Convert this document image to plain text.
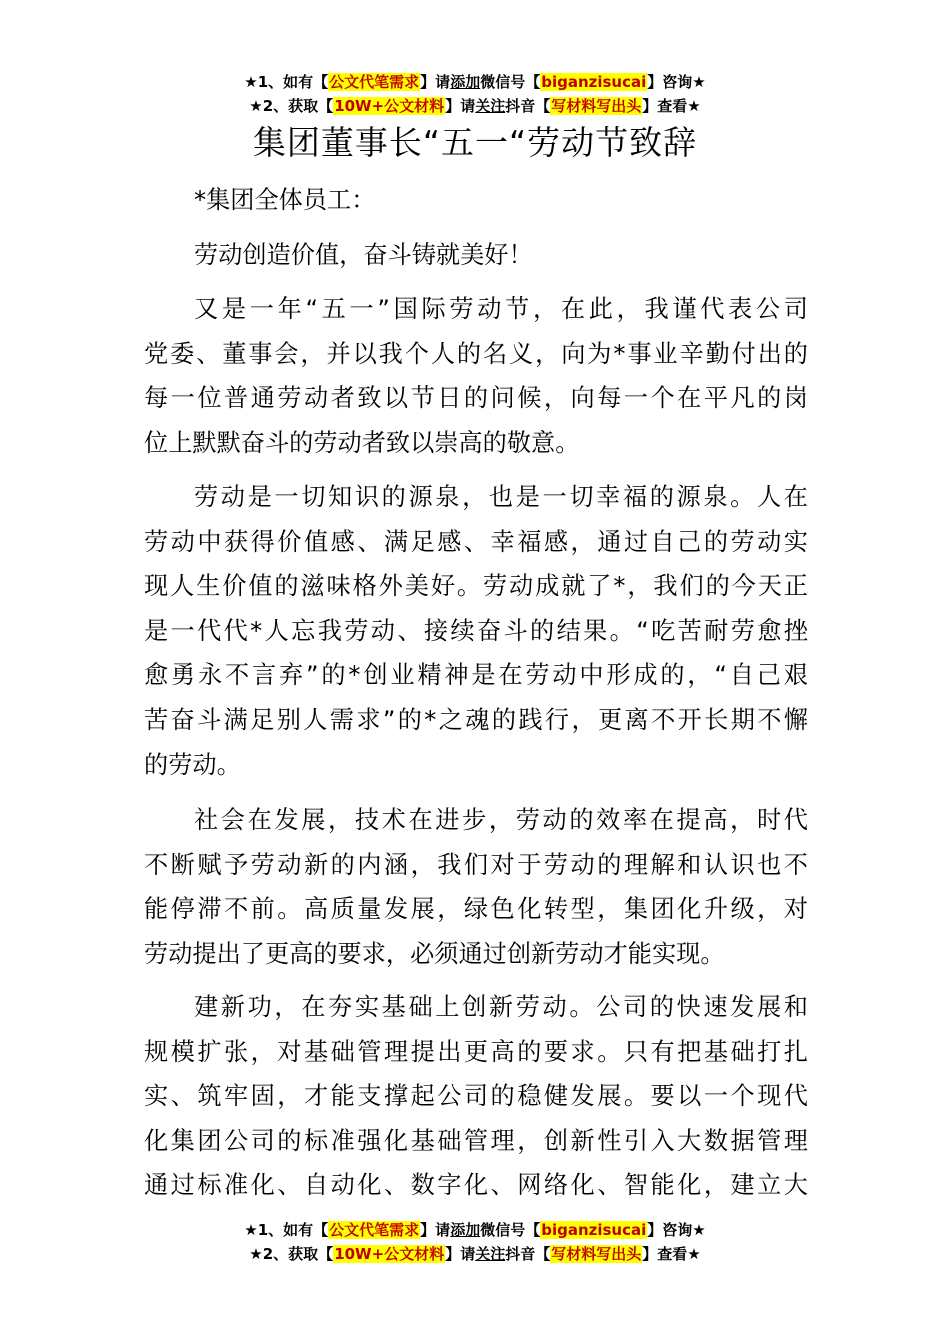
★1、如有【公文代笔需求】请添加微信号【biganzisucai】咨询★
★2、获取【10W+公文材料】请关注抖音【写材料写出头】查看★
集团董事长“五一“劳动节致辞
*集团全体员工：
劳动创造价值，奋斗铸就美好！
又是一年“五一”国际劳动节，在此，我谨代表公司
党委、董事会，并以我个人的名义，向为*事业辛勤付出的
每一位普通劳动者致以节日的问候，向每一个在平凡的岗
位上默默奋斗的劳动者致以崇高的敬意。
劳动是一切知识的源泉，也是一切幸福的源泉。人在
劳动中获得价值感、满足感、幸福感，通过自己的劳动实
现人生价值的滋味格外美好。劳动成就了*，我们的今天正
是一代代*人忘我劳动、接续奋斗的结果。“吃苦耐劳愈挫
愈勇永不言弃”的*创业精神是在劳动中形成的，“自己艰
苦奋斗满足别人需求”的*之魂的践行，更离不开长期不懈
的劳动。
社会在发展，技术在进步，劳动的效率在提高，时代
不断赋予劳动新的内涵，我们对于劳动的理解和认识也不
能停滞不前。高质量发展，绿色化转型，集团化升级，对
劳动提出了更高的要求，必须通过创新劳动才能实现。
建新功，在夯实基础上创新劳动。公司的快速发展和
规模扩张，对基础管理提出更高的要求。只有把基础打扎
实、筑牢固，才能支撑起公司的稳健发展。要以一个现代
化集团公司的标准强化基础管理，创新性引入大数据管理
通过标准化、自动化、数字化、网络化、智能化，建立大
★1、如有【公文代笔需求】请添加微信号【biganzisucai】咨询★
★2、获取【10W+公文材料】请关注抖音【写材料写出头】查看★
